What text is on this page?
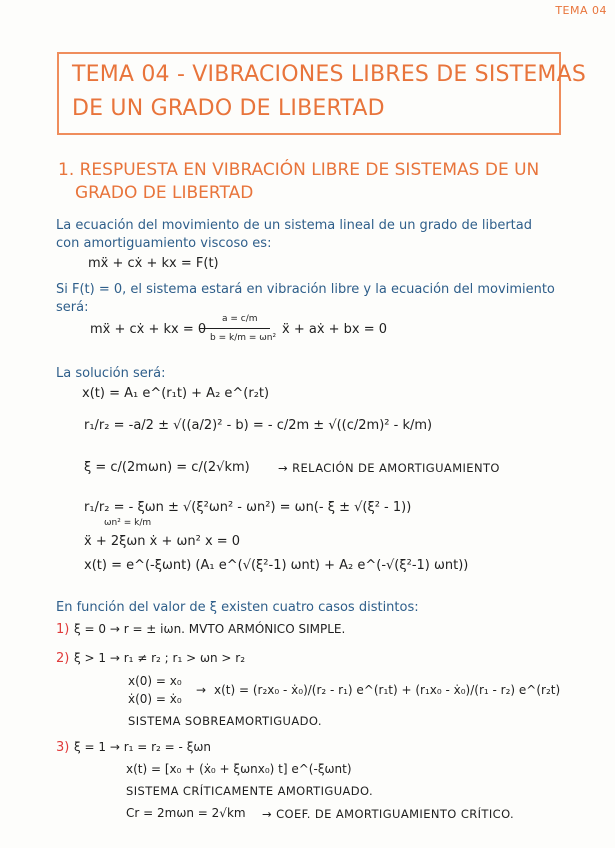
TEMA 04
TEMA 04 - VIBRACIONES LIBRES DE SISTEMAS
DE UN GRADO DE LIBERTAD
1. RESPUESTA EN VIBRACIÓN LIBRE DE SISTEMAS DE UN
GRADO DE LIBERTAD
La ecuación del movimiento de un sistema lineal de un grado de libertad
con amortiguamiento viscoso es:
mẍ + cẋ + kx = F(t)
Si F(t) = 0, el sistema estará en vibración libre y la ecuación del movimiento
será:
mẍ + cẋ + kx = 0
a = c/m
b = k/m = ωn²
ẍ + aẋ + bx = 0
La solución será:
x(t) = A₁ e^(r₁t) + A₂ e^(r₂t)
r₁/r₂ = -a/2 ± √((a/2)² - b) = - c/2m ± √((c/2m)² - k/m)
ξ = c/(2mωn) = c/(2√km) → RELACIÓN DE AMORTIGUAMIENTO
r₁/r₂ = - ξωn ± √(ξ²ωn² - ωn²) = ωn(- ξ ± √(ξ² - 1))
ωn² = k/m
ẍ + 2ξωn ẋ + ωn² x = 0
x(t) = e^(-ξωnt) (A₁ e^(√(ξ²-1) ωnt) + A₂ e^(-√(ξ²-1) ωnt))
En función del valor de ξ existen cuatro casos distintos:
1) ξ = 0 → r = ± iωn. MVTO ARMÓNICO SIMPLE.
2) ξ > 1 → r₁ ≠ r₂ ; r₁ > ωn > r₂
x(0) = x₀
ẋ(0) = ẋ₀
→ x(t) = (r₂x₀ - ẋ₀)/(r₂ - r₁) e^(r₁t) + (r₁x₀ - ẋ₀)/(r₁ - r₂) e^(r₂t)
SISTEMA SOBREAMORTIGUADO.
3) ξ = 1 → r₁ = r₂ = - ξωn
x(t) = [x₀ + (ẋ₀ + ξωnx₀) t] e^(-ξωnt)
SISTEMA CRÍTICAMENTE AMORTIGUADO.
Cr = 2mωn = 2√km → COEF. DE AMORTIGUAMIENTO CRÍTICO.
